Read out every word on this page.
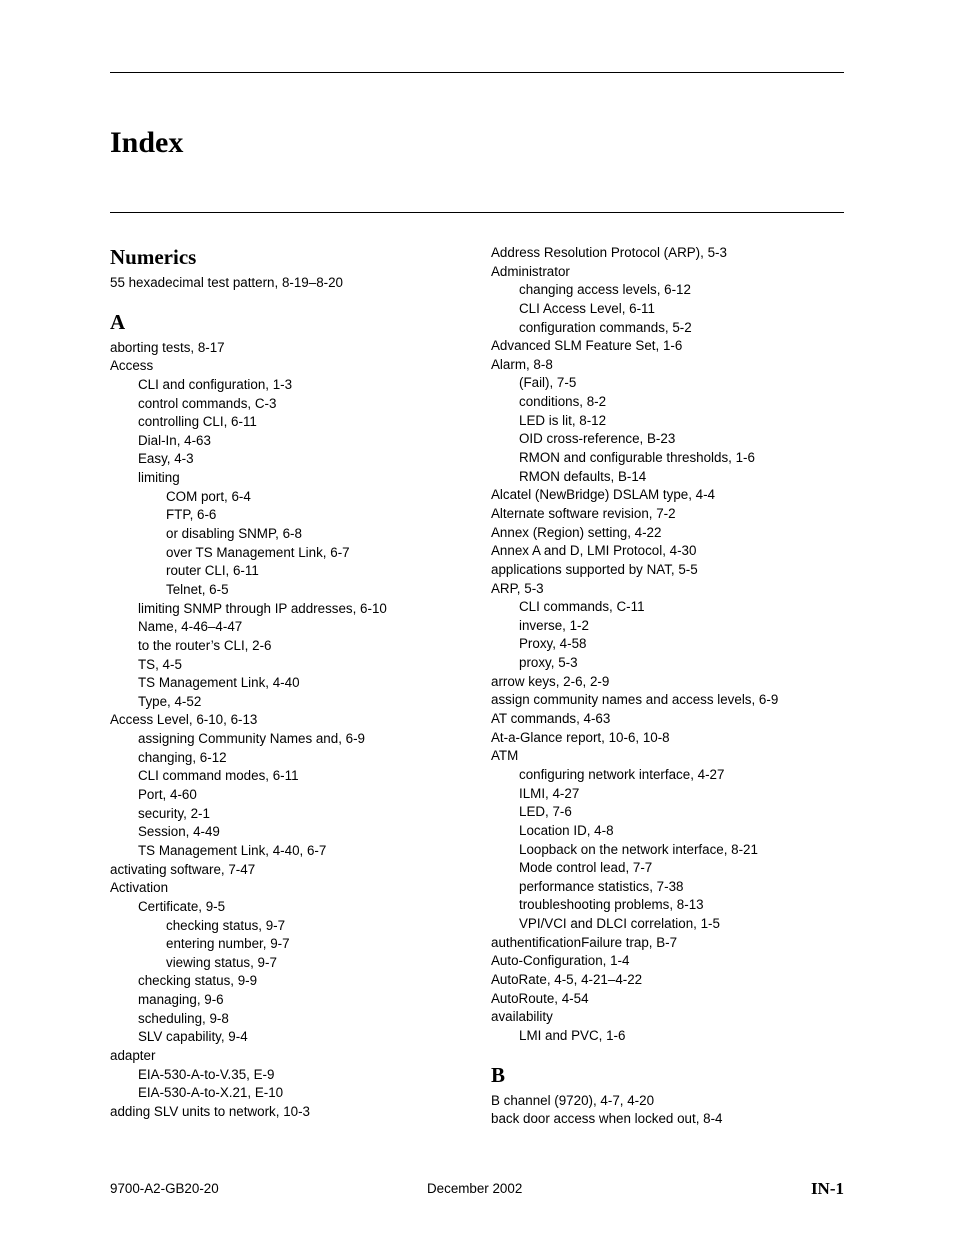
Index
Numerics
55 hexadecimal test pattern, 8-19–8-20
A
aborting tests, 8-17
Access
CLI and configuration, 1-3
control commands, C-3
controlling CLI, 6-11
Dial-In, 4-63
Easy, 4-3
limiting
COM port, 6-4
FTP, 6-6
or disabling SNMP, 6-8
over TS Management Link, 6-7
router CLI, 6-11
Telnet, 6-5
limiting SNMP through IP addresses, 6-10
Name, 4-46–4-47
to the router’s CLI, 2-6
TS, 4-5
TS Management Link, 4-40
Type, 4-52
Access Level, 6-10, 6-13
assigning Community Names and, 6-9
changing, 6-12
CLI command modes, 6-11
Port, 4-60
security, 2-1
Session, 4-49
TS Management Link, 4-40, 6-7
activating software, 7-47
Activation
Certificate, 9-5
checking status, 9-7
entering number, 9-7
viewing status, 9-7
checking status, 9-9
managing, 9-6
scheduling, 9-8
SLV capability, 9-4
adapter
EIA-530-A-to-V.35, E-9
EIA-530-A-to-X.21, E-10
adding SLV units to network, 10-3
Address Resolution Protocol (ARP), 5-3
Administrator
changing access levels, 6-12
CLI Access Level, 6-11
configuration commands, 5-2
Advanced SLM Feature Set, 1-6
Alarm, 8-8
(Fail), 7-5
conditions, 8-2
LED is lit, 8-12
OID cross-reference, B-23
RMON and configurable thresholds, 1-6
RMON defaults, B-14
Alcatel (NewBridge) DSLAM type, 4-4
Alternate software revision, 7-2
Annex (Region) setting, 4-22
Annex A and D, LMI Protocol, 4-30
applications supported by NAT, 5-5
ARP, 5-3
CLI commands, C-11
inverse, 1-2
Proxy, 4-58
proxy, 5-3
arrow keys, 2-6, 2-9
assign community names and access levels, 6-9
AT commands, 4-63
At-a-Glance report, 10-6, 10-8
ATM
configuring network interface, 4-27
ILMI, 4-27
LED, 7-6
Location ID, 4-8
Loopback on the network interface, 8-21
Mode control lead, 7-7
performance statistics, 7-38
troubleshooting problems, 8-13
VPI/VCI and DLCI correlation, 1-5
authentificationFailure trap, B-7
Auto-Configuration, 1-4
AutoRate, 4-5, 4-21–4-22
AutoRoute, 4-54
availability
LMI and PVC, 1-6
B
B channel (9720), 4-7, 4-20
back door access when locked out, 8-4
9700-A2-GB20-20	December 2002	IN-1
